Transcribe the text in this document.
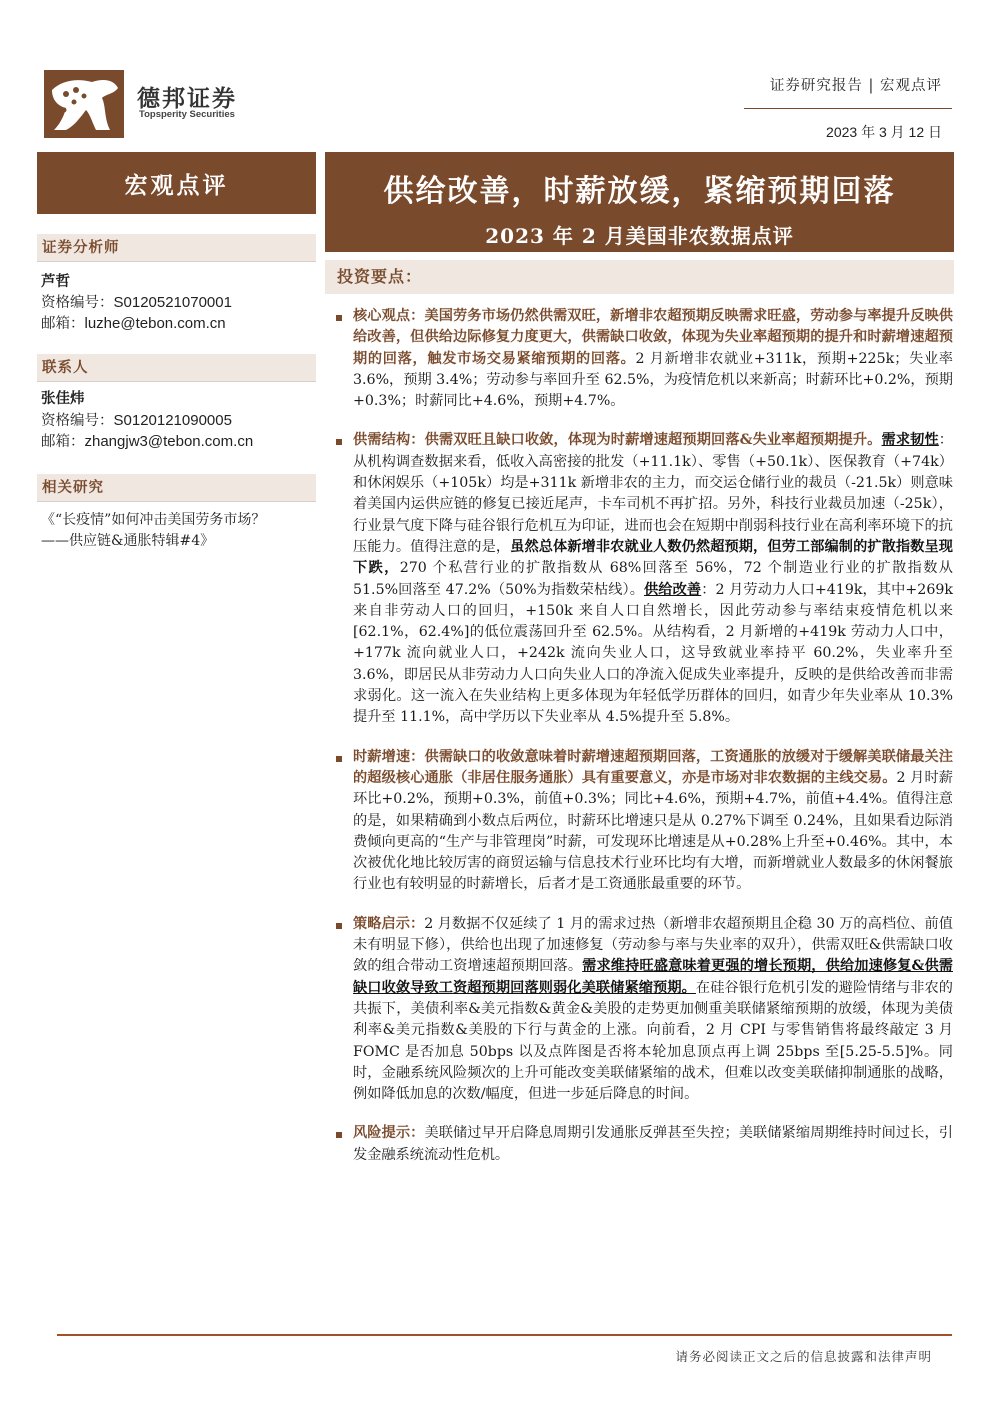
德邦证券
Topsperity Securities
证券研究报告 | 宏观点评
2023 年 3 月 12 日
宏观点评	供给改善，时薪放缓，紧缩预期回落
2023 年 2 月美国非农数据点评
证券分析师
芦哲
资格编号：S0120521070001
邮箱：luzhe@tebon.com.cn
联系人
张佳炜
资格编号：S0120121090005
邮箱：zhangjw3@tebon.com.cn
相关研究
《“长疫情”如何冲击美国劳务市场？
——供应链&通胀特辑#4》
投资要点：
核心观点：美国劳务市场仍然供需双旺，新增非农超预期反映需求旺盛，劳动参与率提升反映供给改善，但供给边际修复力度更大，供需缺口收敛，体现为失业率超预期的提升和时薪增速超预期的回落，触发市场交易紧缩预期的回落。2 月新增非农就业+311k，预期+225k；失业率 3.6%，预期 3.4%；劳动参与率回升至 62.5%，为疫情危机以来新高；时薪环比+0.2%，预期+0.3%；时薪同比+4.6%，预期+4.7%。
供需结构：供需双旺且缺口收敛，体现为时薪增速超预期回落&失业率超预期提升。需求韧性：从机构调查数据来看，低收入高密接的批发（+11.1k）、零售（+50.1k）、医保教育（+74k）和休闲娱乐（+105k）均是+311k 新增非农的主力，而交运仓储行业的裁员（-21.5k）则意味着美国内运供应链的修复已接近尾声，卡车司机不再扩招。另外，科技行业裁员加速（-25k），行业景气度下降与硅谷银行危机互为印证，进而也会在短期中削弱科技行业在高利率环境下的抗压能力。值得注意的是，虽然总体新增非农就业人数仍然超预期，但劳工部编制的扩散指数呈现下跌，270 个私营行业的扩散指数从 68%回落至 56%，72 个制造业行业的扩散指数从 51.5%回落至 47.2%（50%为指数荣枯线）。供给改善：2 月劳动力人口+419k，其中+269k 来自非劳动人口的回归，+150k 来自人口自然增长，因此劳动参与率结束疫情危机以来[62.1%，62.4%]的低位震荡回升至 62.5%。从结构看，2 月新增的+419k 劳动力人口中，+177k 流向就业人口，+242k 流向失业人口，这导致就业率持平 60.2%，失业率升至 3.6%，即居民从非劳动力人口向失业人口的净流入促成失业率提升，反映的是供给改善而非需求弱化。这一流入在失业结构上更多体现为年轻低学历群体的回归，如青少年失业率从 10.3%提升至 11.1%，高中学历以下失业率从 4.5%提升至 5.8%。
时薪增速：供需缺口的收敛意味着时薪增速超预期回落，工资通胀的放缓对于缓解美联储最关注的超级核心通胀（非居住服务通胀）具有重要意义，亦是市场对非农数据的主线交易。2 月时薪环比+0.2%，预期+0.3%，前值+0.3%；同比+4.6%，预期+4.7%，前值+4.4%。值得注意的是，如果精确到小数点后两位，时薪环比增速只是从 0.27%下调至 0.24%，且如果看边际消费倾向更高的“生产与非管理岗”时薪，可发现环比增速是从+0.28%上升至+0.46%。其中，本次被优化地比较厉害的商贸运输与信息技术行业环比均有大增，而新增就业人数最多的休闲餐旅行业也有较明显的时薪增长，后者才是工资通胀最重要的环节。
策略启示：2 月数据不仅延续了 1 月的需求过热（新增非农超预期且企稳 30 万的高档位、前值未有明显下修），供给也出现了加速修复（劳动参与率与失业率的双升），供需双旺&供需缺口收敛的组合带动工资增速超预期回落。需求维持旺盛意味着更强的增长预期，供给加速修复&供需缺口收敛导致工资超预期回落则弱化美联储紧缩预期。在硅谷银行危机引发的避险情绪与非农的共振下，美债利率&美元指数&黄金&美股的走势更加侧重美联储紧缩预期的放缓，体现为美债利率&美元指数&美股的下行与黄金的上涨。向前看，2 月 CPI 与零售销售将最终敲定 3 月 FOMC 是否加息 50bps 以及点阵图是否将本轮加息顶点再上调 25bps 至[5.25-5.5]%。同时，金融系统风险频次的上升可能改变美联储紧缩的战术，但难以改变美联储抑制通胀的战略，例如降低加息的次数/幅度，但进一步延后降息的时间。
风险提示：美联储过早开启降息周期引发通胀反弹甚至失控；美联储紧缩周期维持时间过长，引发金融系统流动性危机。
请务必阅读正文之后的信息披露和法律声明
